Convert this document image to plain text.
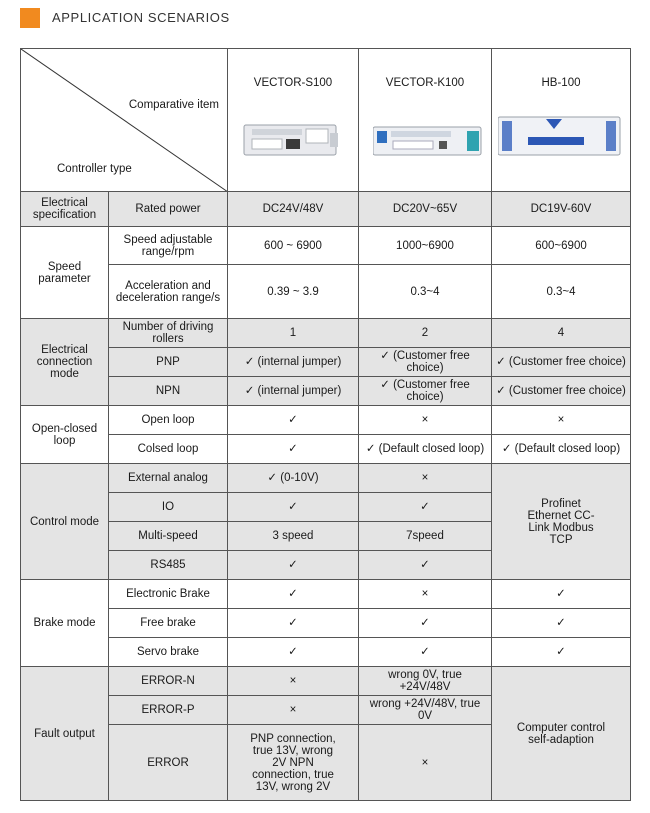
APPLICATION SCENARIOS
Comparative item
Controller type		VECTOR-S100	VECTOR-K100	HB-100

Electrical specification	Rated power	DC24V/48V	DC20V~65V	DC19V-60V
Speed parameter	Speed adjustable range/rpm	600 ~ 6900	1000~6900	600~6900
	Acceleration and deceleration range/s	0.39 ~ 3.9	0.3~4	0.3~4
Electrical connection mode	Number of driving rollers	1	2	4
	PNP	✓ (internal jumper)	✓ (Customer free choice)	✓ (Customer free choice)
	NPN	✓ (internal jumper)	✓ (Customer free choice)	✓ (Customer free choice)
Open-closed loop	Open loop	✓	×	×
	Colsed loop	✓	✓ (Default closed loop)	✓ (Default closed loop)
Control mode	External analog	✓ (0-10V)	×	Profinet Ethernet CC-Link Modbus TCP
	IO	✓	✓	
	Multi-speed	3 speed	7speed	
	RS485	✓	✓	
Brake mode	Electronic Brake	✓	×	✓
	Free brake	✓	✓	✓
	Servo brake	✓	✓	✓
Fault output	ERROR-N	×	wrong 0V, true +24V/48V	Computer control self-adaption
	ERROR-P	×	wrong +24V/48V, true 0V	
	ERROR	PNP connection, true 13V, wrong 2V NPN connection, true 13V, wrong 2V	×	
